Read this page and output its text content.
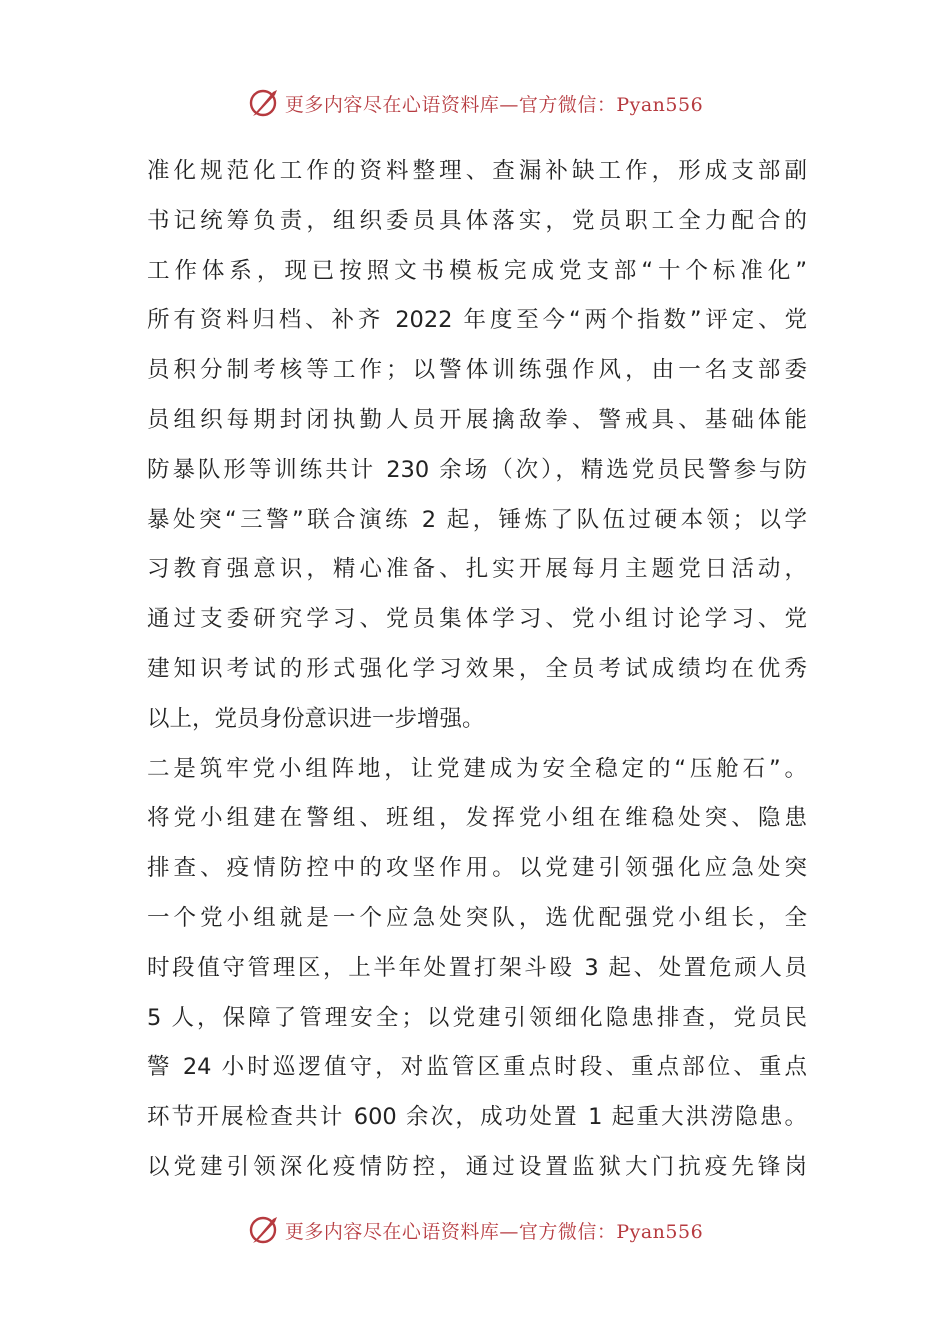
更多内容尽在心语资料库—官方微信：Pyan556
准化规范化工作的资料整理、查漏补缺工作，形成支部副
书记统筹负责，组织委员具体落实，党员职工全力配合的
工作体系，现已按照文书模板完成党支部“十个标准化”
所有资料归档、补齐 2022 年度至今“两个指数”评定、党
员积分制考核等工作；以警体训练强作风，由一名支部委
员组织每期封闭执勤人员开展擒敌拳、警戒具、基础体能
防暴队形等训练共计 230 余场（次），精选党员民警参与防
暴处突“三警”联合演练 2 起，锤炼了队伍过硬本领；以学
习教育强意识，精心准备、扎实开展每月主题党日活动，
通过支委研究学习、党员集体学习、党小组讨论学习、党
建知识考试的形式强化学习效果，全员考试成绩均在优秀
以上，党员身份意识进一步增强。
二是筑牢党小组阵地，让党建成为安全稳定的“压舱石”。
将党小组建在警组、班组，发挥党小组在维稳处突、隐患
排查、疫情防控中的攻坚作用。以党建引领强化应急处突
一个党小组就是一个应急处突队，选优配强党小组长，全
时段值守管理区，上半年处置打架斗殴 3 起、处置危顽人员
5 人，保障了管理安全；以党建引领细化隐患排查，党员民
警 24 小时巡逻值守，对监管区重点时段、重点部位、重点
环节开展检查共计 600 余次，成功处置 1 起重大洪涝隐患。
以党建引领深化疫情防控，通过设置监狱大门抗疫先锋岗
更多内容尽在心语资料库—官方微信：Pyan556
